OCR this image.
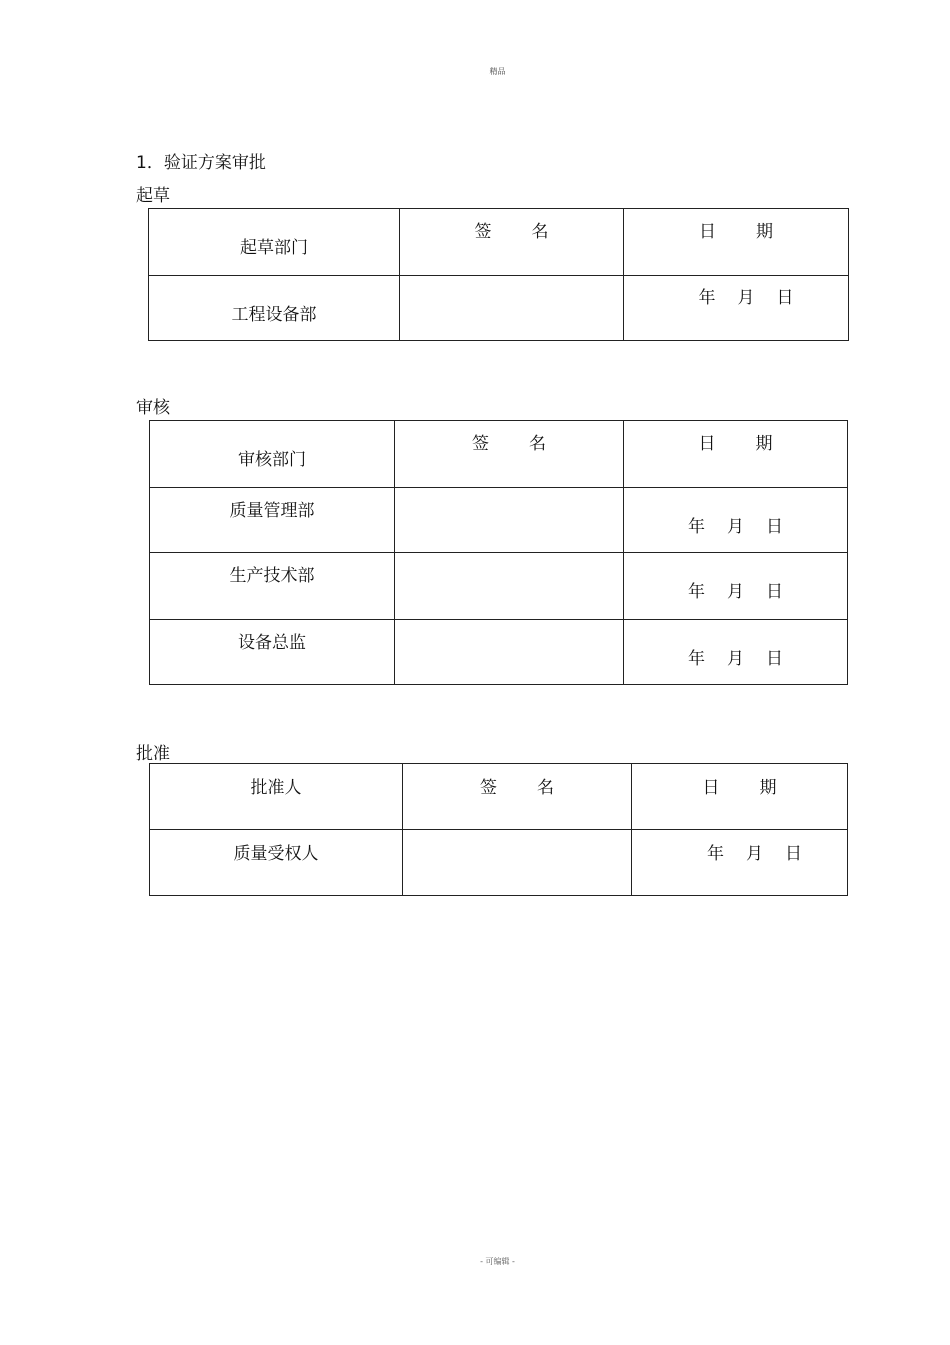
精品
1．验证方案审批
起草
起草部门	签 名	日 期

工程设备部		年 月 日
审核
审核部门	签 名	日 期

质量管理部		年 月 日

生产技术部		年 月 日

设备总监		年 月 日
批准
批准人	签 名	日 期

质量受权人		年 月 日
- 可编辑 -
